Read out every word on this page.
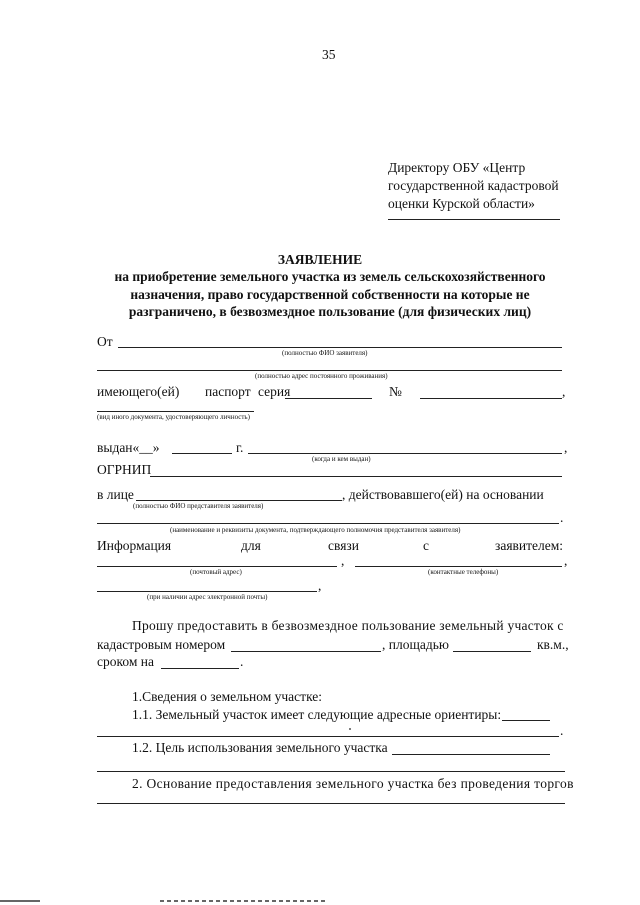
35
Директору ОБУ «Центр
государственной кадастровой
оценки Курской области»
ЗАЯВЛЕНИЕ
на приобретение земельного участка из земель сельскохозяйственного
назначения, право государственной собственности на которые не
разграничено, в безвозмездное пользование (для физических лиц)
От
(полностью ФИО заявителя)
(полностью адрес постоянного проживания)
имеющего(ей) паспорт серия	№	,
(вид иного документа, удостоверяющего личность)
выдан«__»	г.	,
(когда и кем выдан)
ОГРНИП
в лице	, действовавшего(ей) на основании
(полностью ФИО представителя заявителя)
.
(наименование и реквизиты документа, подтверждающего полномочия представителя заявителя)
Информация	для	связи	с	заявителем:
,	,
(почтовый адрес)	(контактные телефоны)
,
(при наличии адрес электронной почты)
Прошу предоставить в безвозмездное пользование земельный участок с
кадастровым номером	, площадью	кв.м.,
сроком на	.
1.Сведения о земельном участке:
1.1. Земельный участок имеет следующие адресные ориентиры:
.
1.2. Цель использования земельного участка
2. Основание предоставления земельного участка без проведения торгов
